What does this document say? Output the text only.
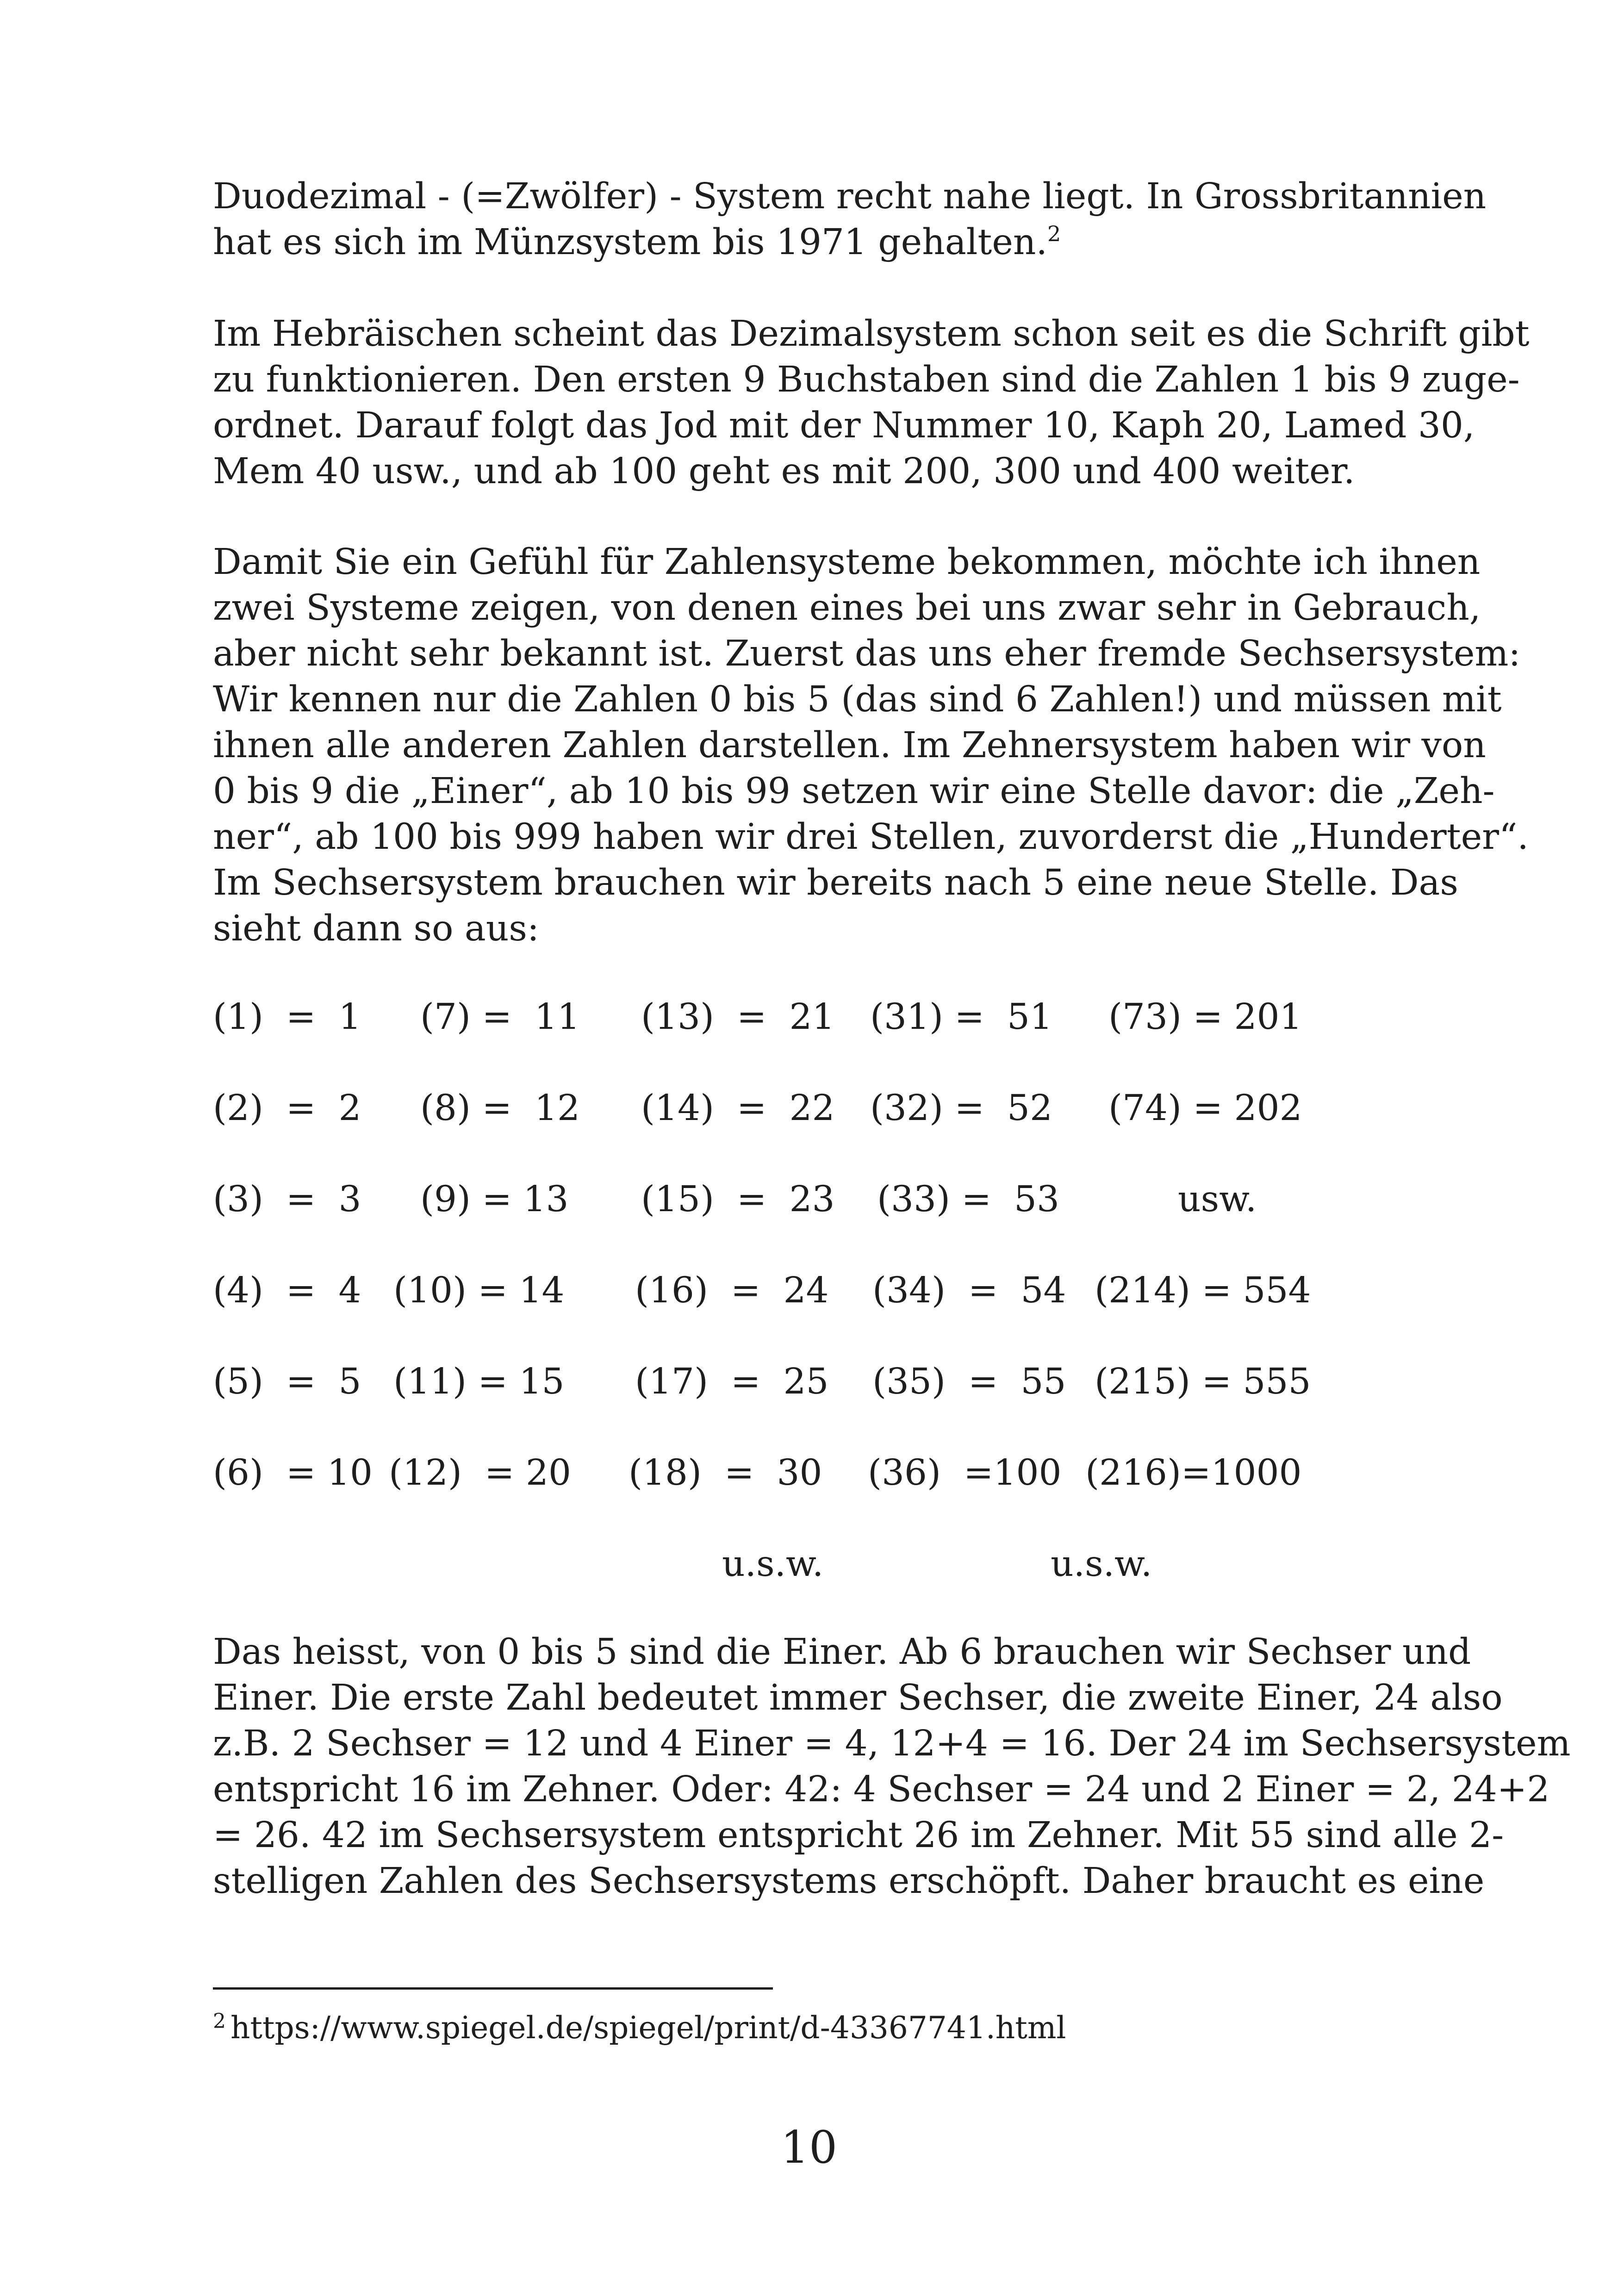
Duodezimal - (=Zwölfer) - System recht nahe liegt. In Grossbritannien
hat es sich im Münzsystem bis 1971 gehalten.$^2$

Im Hebräischen scheint das Dezimalsystem schon seit es die Schrift gibt
zu funktionieren. Den ersten 9 Buchstaben sind die Zahlen 1 bis 9 zuge-
ordnet. Darauf folgt das Jod mit der Nummer 10, Kaph 20, Lamed 30,
Mem 40 usw., und ab 100 geht es mit 200, 300 und 400 weiter.

Damit Sie ein Gefühl für Zahlensysteme bekommen, möchte ich ihnen
zwei Systeme zeigen, von denen eines bei uns zwar sehr in Gebrauch,
aber nicht sehr bekannt ist. Zuerst das uns eher fremde Sechsersystem:
Wir kennen nur die Zahlen 0 bis 5 (das sind 6 Zahlen!) und müssen mit
ihnen alle anderen Zahlen darstellen. Im Zehnersystem haben wir von
0 bis 9 die „Einer“, ab 10 bis 99 setzen wir eine Stelle davor: die „Zeh-
ner“, ab 100 bis 999 haben wir drei Stellen, zuvorderst die „Hunderter“.
Im Sechsersystem brauchen wir bereits nach 5 eine neue Stelle. Das
sieht dann so aus:

(1)  =  1 (7) =  11 (13)  =  21 (31) =  51 (73) = 201
(2)  =  2 (8) =  12 (14)  =  22 (32) =  52 (74) = 202
(3)  =  3 (9) = 13 (15)  =  23 (33) =  53	usw.
(4)  =  4 (10) = 14 (16)  =  24 (34)  =  54 (214) = 554
(5)  =  5 (11) = 15 (17)  =  25 (35)  =  55 (215) = 555
(6)  = 10 (12)  = 20 (18)  =  30 (36)  =100 (216)=1000
u.s.w.	u.s.w.

Das heisst, von 0 bis 5 sind die Einer. Ab 6 brauchen wir Sechser und
Einer. Die erste Zahl bedeutet immer Sechser, die zweite Einer, 24 also
z.B. 2 Sechser = 12 und 4 Einer = 4, 12+4 = 16. Der 24 im Sechsersystem
entspricht 16 im Zehner. Oder: 42: 4 Sechser = 24 und 2 Einer = 2, 24+2
= 26. 42 im Sechsersystem entspricht 26 im Zehner. Mit 55 sind alle 2-
stelligen Zahlen des Sechsersystems erschöpft. Daher braucht es eine

$^2$ https://www.spiegel.de/spiegel/print/d-43367741.html
10
